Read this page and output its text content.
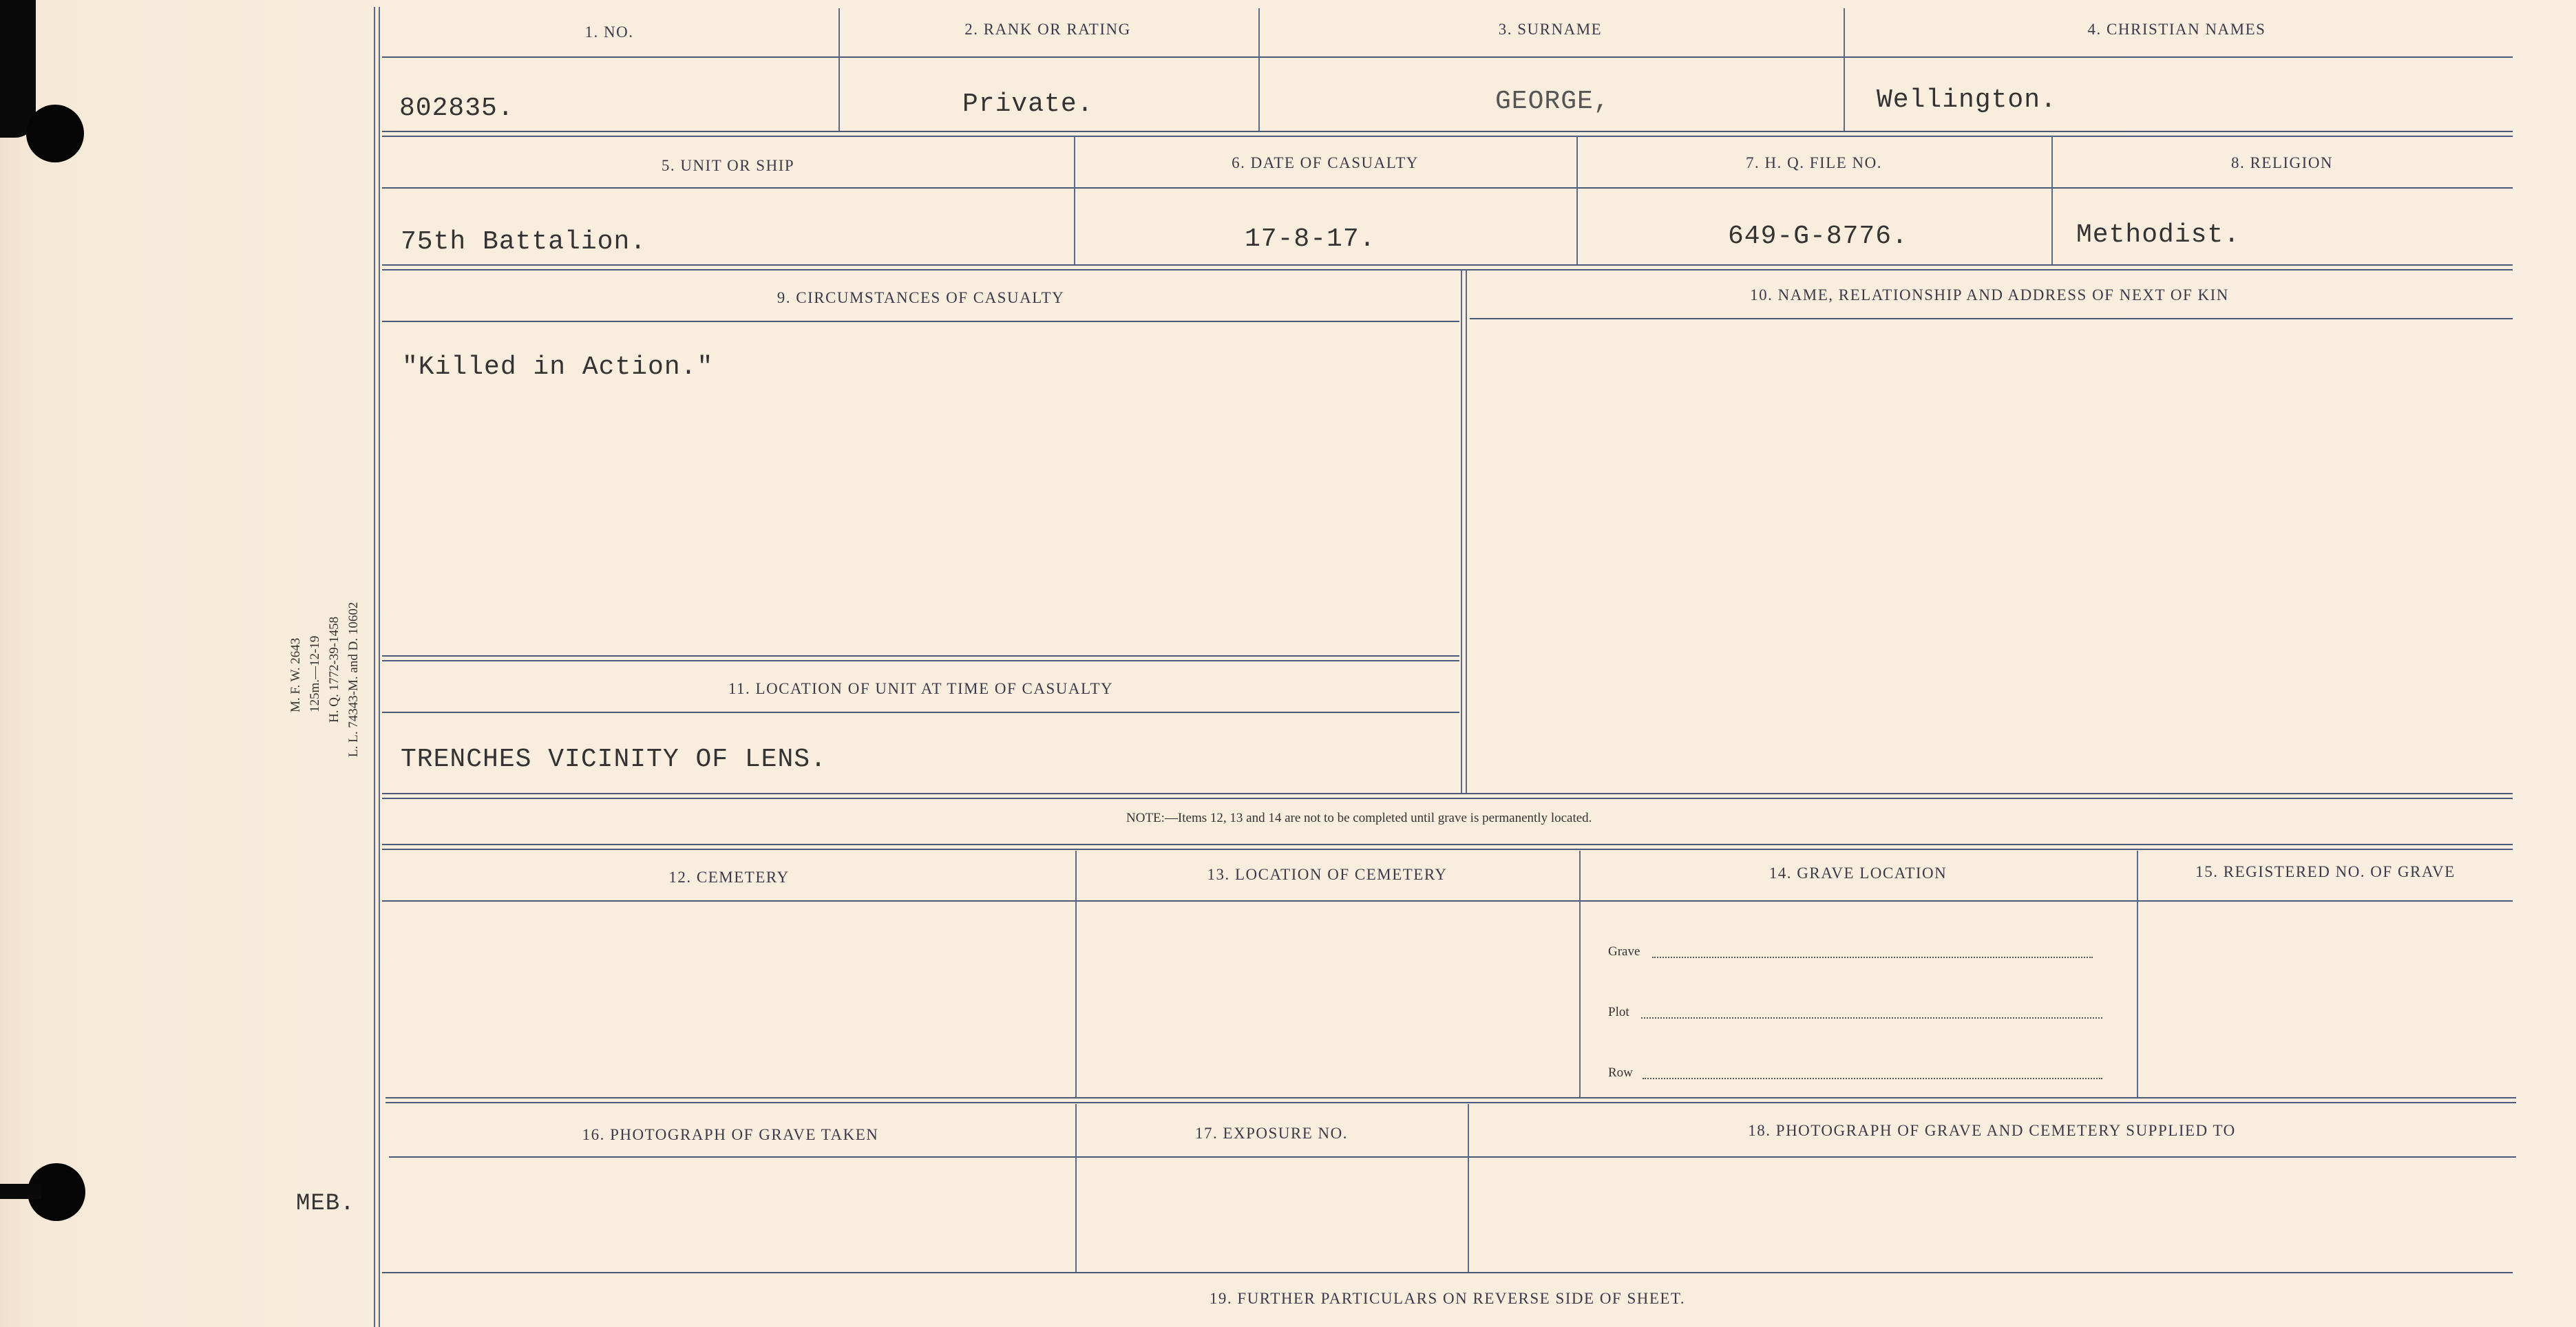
M. F. W. 2643 125m.—12-19 H. Q. 1772-39-1458 L. L. 74343-M. and D. 10602
MEB.
1. NO.	2. RANK OR RATING	3. SURNAME	4. CHRISTIAN NAMES
802835.	Private.	GEORGE,	Wellington.
5. UNIT OR SHIP	6. DATE OF CASUALTY	7. H. Q. FILE NO.	8. RELIGION
75th Battalion.	17-8-17.	649-G-8776.	Methodist.
9. CIRCUMSTANCES OF CASUALTY	10. NAME, RELATIONSHIP AND ADDRESS OF NEXT OF KIN
"Killed in Action."
11. LOCATION OF UNIT AT TIME OF CASUALTY
TRENCHES VICINITY OF LENS.
NOTE:—Items 12, 13 and 14 are not to be completed until grave is permanently located.
12. CEMETERY	13. LOCATION OF CEMETERY	14. GRAVE LOCATION	15. REGISTERED NO. OF GRAVE
Grave
Plot
Row
16. PHOTOGRAPH OF GRAVE TAKEN	17. EXPOSURE NO.	18. PHOTOGRAPH OF GRAVE AND CEMETERY SUPPLIED TO
19. FURTHER PARTICULARS ON REVERSE SIDE OF SHEET.
